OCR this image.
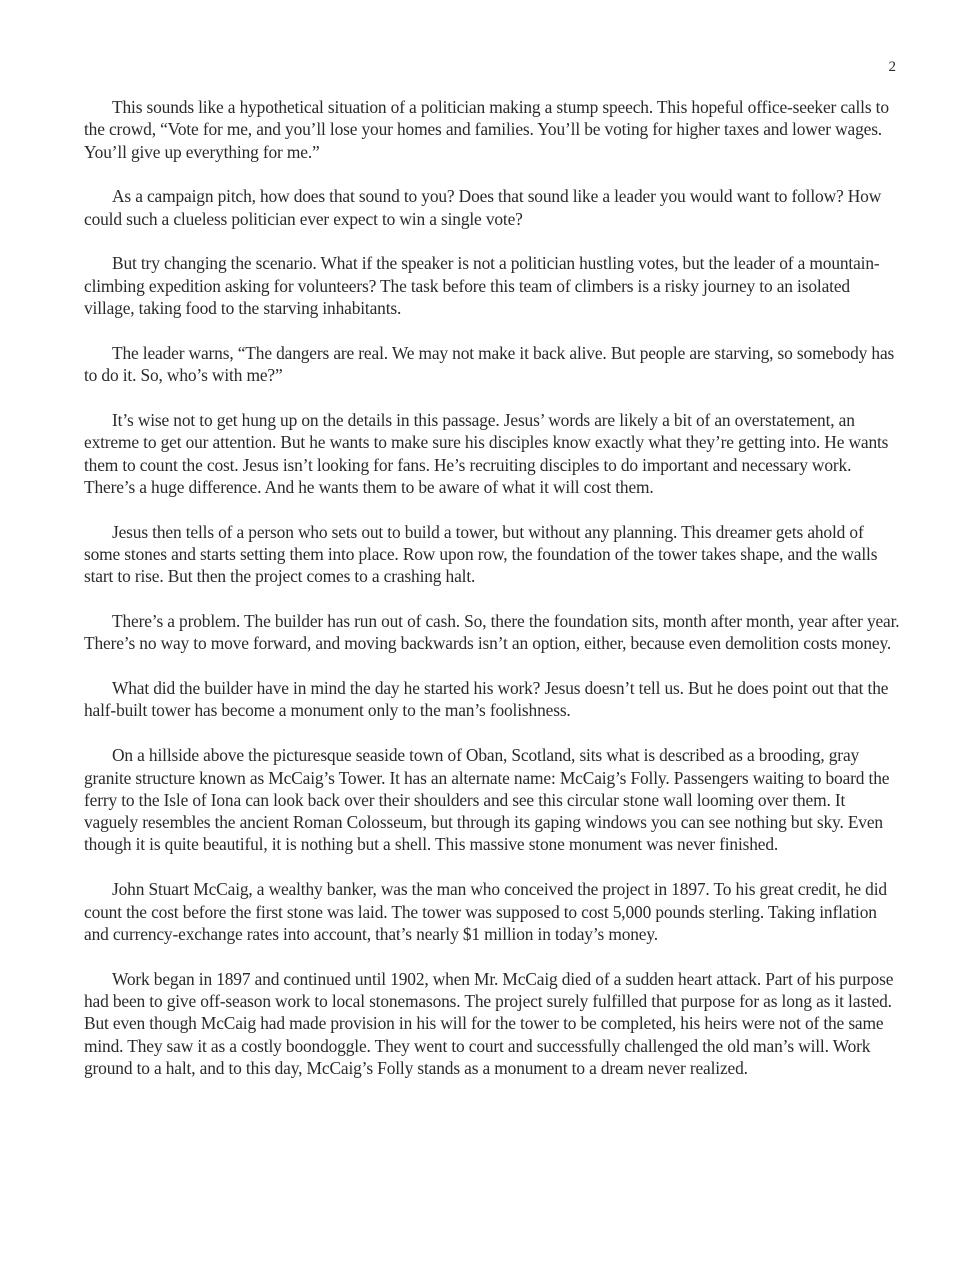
2

This sounds like a hypothetical situation of a politician making a stump speech. This hopeful office-seeker calls to the crowd, “Vote for me, and you’ll lose your homes and families. You’ll be voting for higher taxes and lower wages. You’ll give up everything for me.”

As a campaign pitch, how does that sound to you? Does that sound like a leader you would want to follow? How could such a clueless politician ever expect to win a single vote?

But try changing the scenario. What if the speaker is not a politician hustling votes, but the leader of a mountain-climbing expedition asking for volunteers? The task before this team of climbers is a risky journey to an isolated village, taking food to the starving inhabitants.

The leader warns, “The dangers are real. We may not make it back alive. But people are starving, so somebody has to do it. So, who’s with me?”

It’s wise not to get hung up on the details in this passage. Jesus’ words are likely a bit of an overstatement, an extreme to get our attention. But he wants to make sure his disciples know exactly what they’re getting into. He wants them to count the cost. Jesus isn’t looking for fans. He’s recruiting disciples to do important and necessary work. There’s a huge difference. And he wants them to be aware of what it will cost them.

Jesus then tells of a person who sets out to build a tower, but without any planning. This dreamer gets ahold of some stones and starts setting them into place. Row upon row, the foundation of the tower takes shape, and the walls start to rise. But then the project comes to a crashing halt.

There’s a problem. The builder has run out of cash. So, there the foundation sits, month after month, year after year. There’s no way to move forward, and moving backwards isn’t an option, either, because even demolition costs money.

What did the builder have in mind the day he started his work? Jesus doesn’t tell us. But he does point out that the half-built tower has become a monument only to the man’s foolishness.

On a hillside above the picturesque seaside town of Oban, Scotland, sits what is described as a brooding, gray granite structure known as McCaig’s Tower. It has an alternate name: McCaig’s Folly. Passengers waiting to board the ferry to the Isle of Iona can look back over their shoulders and see this circular stone wall looming over them. It vaguely resembles the ancient Roman Colosseum, but through its gaping windows you can see nothing but sky. Even though it is quite beautiful, it is nothing but a shell. This massive stone monument was never finished.

John Stuart McCaig, a wealthy banker, was the man who conceived the project in 1897. To his great credit, he did count the cost before the first stone was laid. The tower was supposed to cost 5,000 pounds sterling. Taking inflation and currency-exchange rates into account, that’s nearly $1 million in today’s money.

Work began in 1897 and continued until 1902, when Mr. McCaig died of a sudden heart attack. Part of his purpose had been to give off-season work to local stonemasons. The project surely fulfilled that purpose for as long as it lasted. But even though McCaig had made provision in his will for the tower to be completed, his heirs were not of the same mind. They saw it as a costly boondoggle. They went to court and successfully challenged the old man’s will. Work ground to a halt, and to this day, McCaig’s Folly stands as a monument to a dream never realized.
